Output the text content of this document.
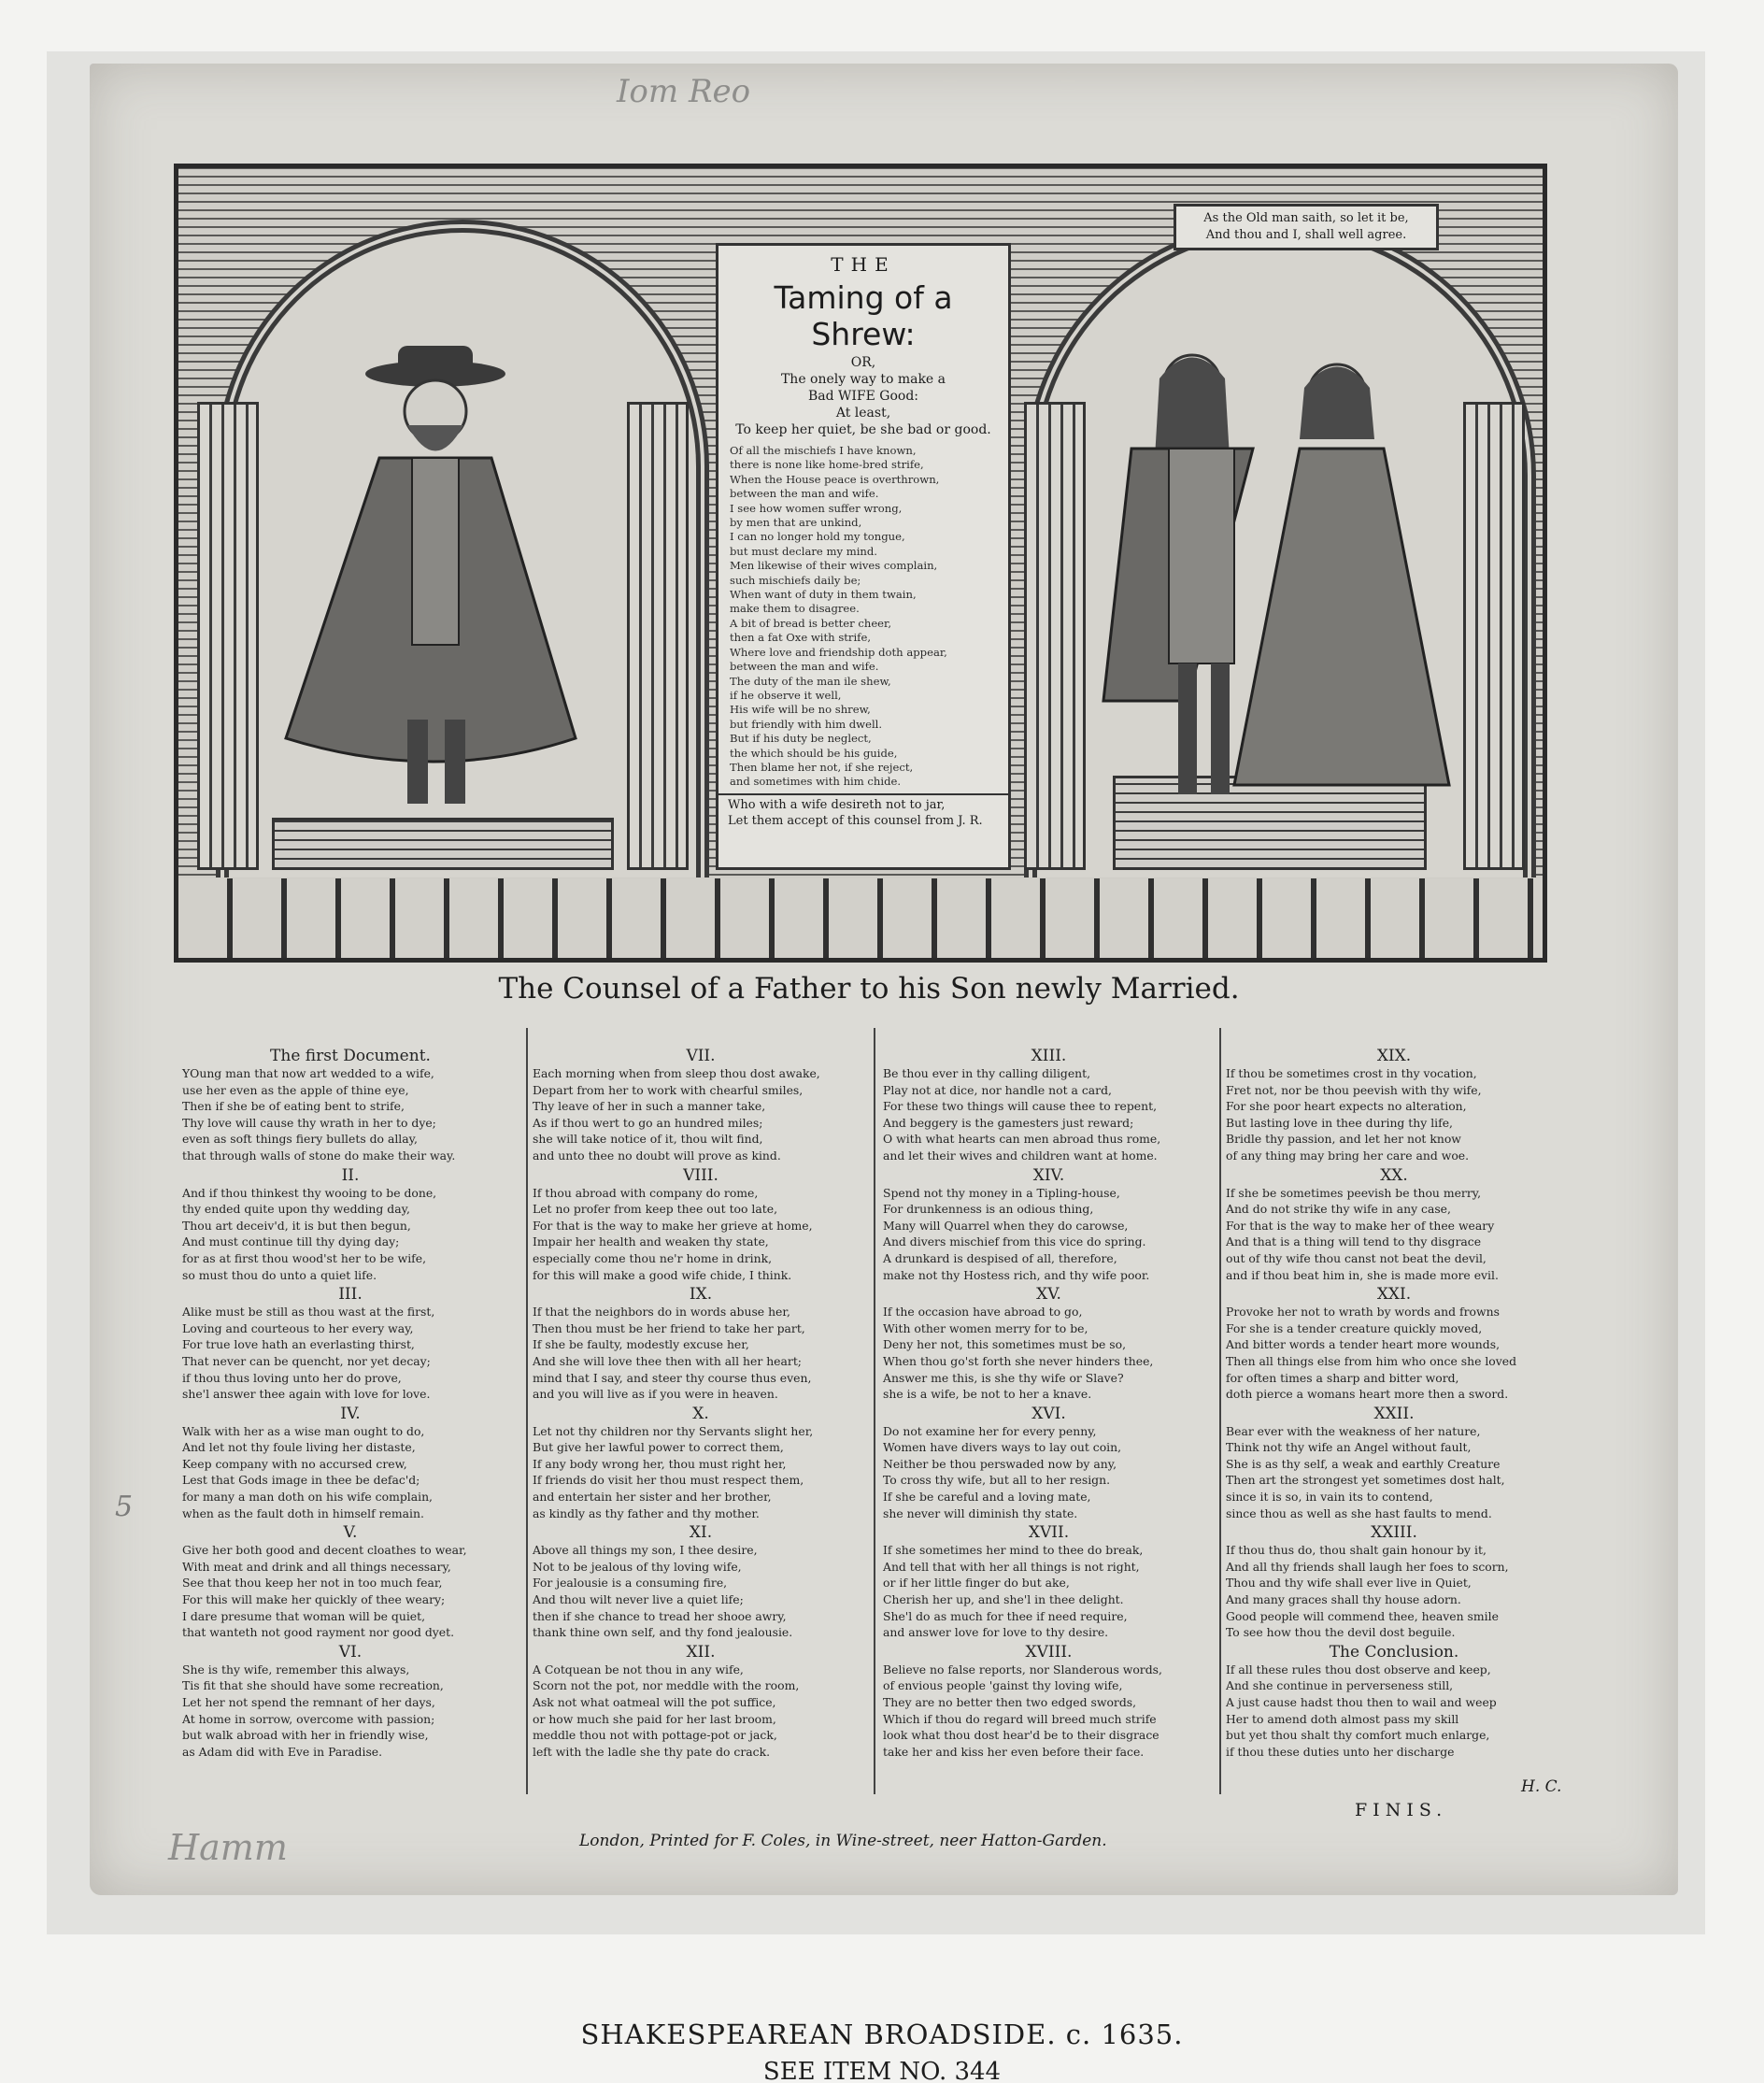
Iom Reo
Hamm
5
As the Old man saith, so let it be,
And thou and I, shall well agree.
THE
Taming of a Shrew:
OR,
The onely way to make a
Bad WIFE Good:
At least,
To keep her quiet, be she bad or good.
Of all the mischiefs I have known,
there is none like home-bred strife,
When the House peace is overthrown,
between the man and wife.
I see how women suffer wrong,
by men that are unkind,
I can no longer hold my tongue,
but must declare my mind.
Men likewise of their wives complain,
such mischiefs daily be;
When want of duty in them twain,
make them to disagree.
A bit of bread is better cheer,
then a fat Oxe with strife,
Where love and friendship doth appear,
between the man and wife.
The duty of the man ile shew,
if he observe it well,
His wife will be no shrew,
but friendly with him dwell.
But if his duty be neglect,
the which should be his guide,
Then blame her not, if she reject,
and sometimes with him chide.
Who with a wife desireth not to jar,
Let them accept of this counsel from J. R.
The Counsel of a Father to his Son newly Married.
The first Document.
YOung man that now art wedded to a wife,
use her even as the apple of thine eye,
Then if she be of eating bent to strife,
Thy love will cause thy wrath in her to dye;
even as soft things fiery bullets do allay,
that through walls of stone do make their way.
II.
And if thou thinkest thy wooing to be done,
thy ended quite upon thy wedding day,
Thou art deceiv'd, it is but then begun,
And must continue till thy dying day;
for as at first thou wood'st her to be wife,
so must thou do unto a quiet life.
III.
Alike must be still as thou wast at the first,
Loving and courteous to her every way,
For true love hath an everlasting thirst,
That never can be quencht, nor yet decay;
if thou thus loving unto her do prove,
she'l answer thee again with love for love.
IV.
Walk with her as a wise man ought to do,
And let not thy foule living her distaste,
Keep company with no accursed crew,
Lest that Gods image in thee be defac'd;
for many a man doth on his wife complain,
when as the fault doth in himself remain.
V.
Give her both good and decent cloathes to wear,
With meat and drink and all things necessary,
See that thou keep her not in too much fear,
For this will make her quickly of thee weary;
I dare presume that woman will be quiet,
that wanteth not good rayment nor good dyet.
VI.
She is thy wife, remember this always,
Tis fit that she should have some recreation,
Let her not spend the remnant of her days,
At home in sorrow, overcome with passion;
but walk abroad with her in friendly wise,
as Adam did with Eve in Paradise.
VII.
Each morning when from sleep thou dost awake,
Depart from her to work with chearful smiles,
Thy leave of her in such a manner take,
As if thou wert to go an hundred miles;
she will take notice of it, thou wilt find,
and unto thee no doubt will prove as kind.
VIII.
If thou abroad with company do rome,
Let no profer from keep thee out too late,
For that is the way to make her grieve at home,
Impair her health and weaken thy state,
especially come thou ne'r home in drink,
for this will make a good wife chide, I think.
IX.
If that the neighbors do in words abuse her,
Then thou must be her friend to take her part,
If she be faulty, modestly excuse her,
And she will love thee then with all her heart;
mind that I say, and steer thy course thus even,
and you will live as if you were in heaven.
X.
Let not thy children nor thy Servants slight her,
But give her lawful power to correct them,
If any body wrong her, thou must right her,
If friends do visit her thou must respect them,
and entertain her sister and her brother,
as kindly as thy father and thy mother.
XI.
Above all things my son, I thee desire,
Not to be jealous of thy loving wife,
For jealousie is a consuming fire,
And thou wilt never live a quiet life;
then if she chance to tread her shooe awry,
thank thine own self, and thy fond jealousie.
XII.
A Cotquean be not thou in any wife,
Scorn not the pot, nor meddle with the room,
Ask not what oatmeal will the pot suffice,
or how much she paid for her last broom,
meddle thou not with pottage-pot or jack,
left with the ladle she thy pate do crack.
XIII.
Be thou ever in thy calling diligent,
Play not at dice, nor handle not a card,
For these two things will cause thee to repent,
And beggery is the gamesters just reward;
O with what hearts can men abroad thus rome,
and let their wives and children want at home.
XIV.
Spend not thy money in a Tipling-house,
For drunkenness is an odious thing,
Many will Quarrel when they do carowse,
And divers mischief from this vice do spring.
A drunkard is despised of all, therefore,
make not thy Hostess rich, and thy wife poor.
XV.
If the occasion have abroad to go,
With other women merry for to be,
Deny her not, this sometimes must be so,
When thou go'st forth she never hinders thee,
Answer me this, is she thy wife or Slave?
she is a wife, be not to her a knave.
XVI.
Do not examine her for every penny,
Women have divers ways to lay out coin,
Neither be thou perswaded now by any,
To cross thy wife, but all to her resign.
If she be careful and a loving mate,
she never will diminish thy state.
XVII.
If she sometimes her mind to thee do break,
And tell that with her all things is not right,
or if her little finger do but ake,
Cherish her up, and she'l in thee delight.
She'l do as much for thee if need require,
and answer love for love to thy desire.
XVIII.
Believe no false reports, nor Slanderous words,
of envious people 'gainst thy loving wife,
They are no better then two edged swords,
Which if thou do regard will breed much strife
look what thou dost hear'd be to their disgrace
take her and kiss her even before their face.
XIX.
If thou be sometimes crost in thy vocation,
Fret not, nor be thou peevish with thy wife,
For she poor heart expects no alteration,
But lasting love in thee during thy life,
Bridle thy passion, and let her not know
of any thing may bring her care and woe.
XX.
If she be sometimes peevish be thou merry,
And do not strike thy wife in any case,
For that is the way to make her of thee weary
And that is a thing will tend to thy disgrace
out of thy wife thou canst not beat the devil,
and if thou beat him in, she is made more evil.
XXI.
Provoke her not to wrath by words and frowns
For she is a tender creature quickly moved,
And bitter words a tender heart more wounds,
Then all things else from him who once she loved
for often times a sharp and bitter word,
doth pierce a womans heart more then a sword.
XXII.
Bear ever with the weakness of her nature,
Think not thy wife an Angel without fault,
She is as thy self, a weak and earthly Creature
Then art the strongest yet sometimes dost halt,
since it is so, in vain its to contend,
since thou as well as she hast faults to mend.
XXIII.
If thou thus do, thou shalt gain honour by it,
And all thy friends shall laugh her foes to scorn,
Thou and thy wife shall ever live in Quiet,
And many graces shall thy house adorn.
Good people will commend thee, heaven smile
To see how thou the devil dost beguile.
The Conclusion.
If all these rules thou dost observe and keep,
And she continue in perverseness still,
A just cause hadst thou then to wail and weep
Her to amend doth almost pass my skill
but yet thou shalt thy comfort much enlarge,
if thou these duties unto her discharge
H. C.
FINIS.
London, Printed for F. Coles, in Wine-street, neer Hatton-Garden.
SHAKESPEAREAN BROADSIDE. c. 1635.
SEE ITEM NO. 344
